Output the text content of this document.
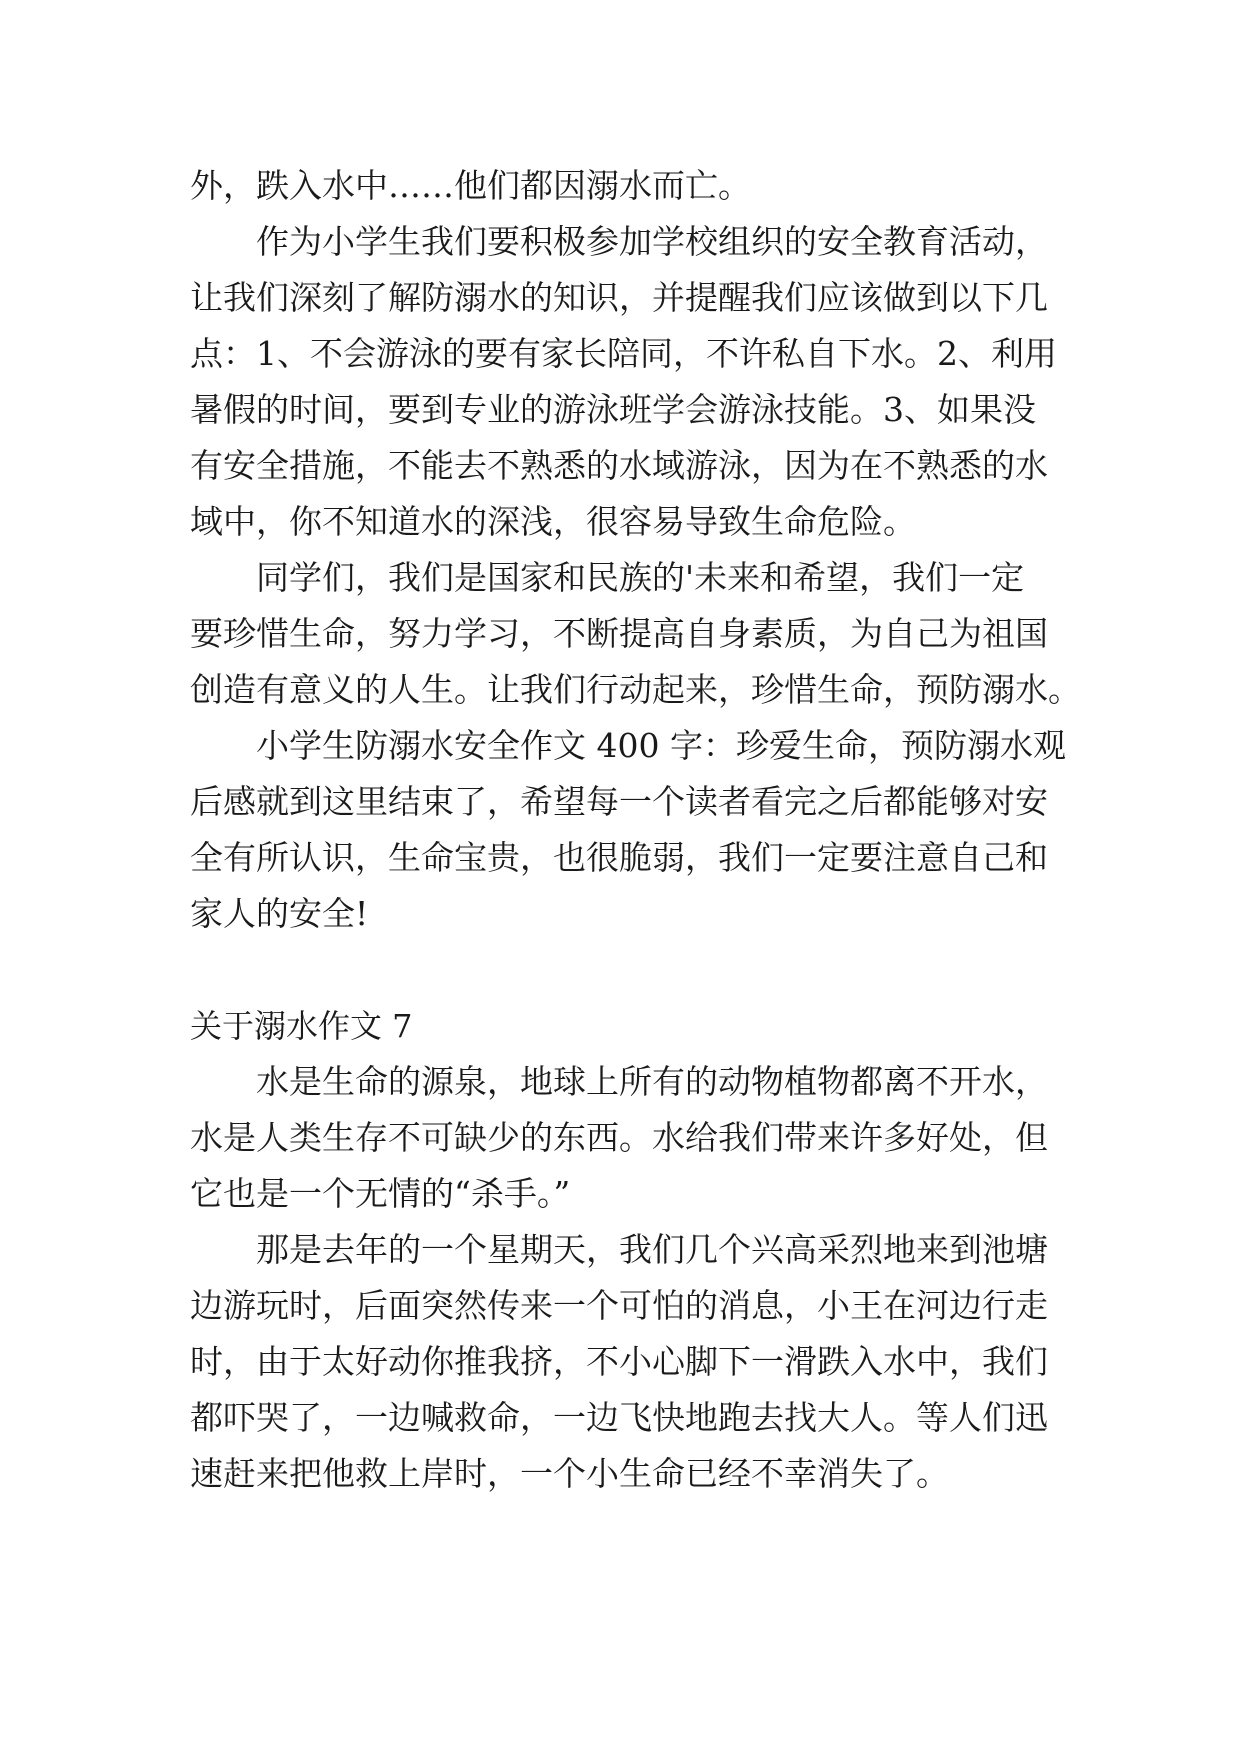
外，跌入水中……他们都因溺水而亡。
作为小学生我们要积极参加学校组织的安全教育活动，
让我们深刻了解防溺水的知识，并提醒我们应该做到以下几
点：1、不会游泳的要有家长陪同，不许私自下水。2、利用
暑假的时间，要到专业的游泳班学会游泳技能。3、如果没
有安全措施，不能去不熟悉的水域游泳，因为在不熟悉的水
域中，你不知道水的深浅，很容易导致生命危险。
同学们，我们是国家和民族的'未来和希望，我们一定
要珍惜生命，努力学习，不断提高自身素质，为自己为祖国
创造有意义的人生。让我们行动起来，珍惜生命，预防溺水。
小学生防溺水安全作文 400 字：珍爱生命，预防溺水观
后感就到这里结束了，希望每一个读者看完之后都能够对安
全有所认识，生命宝贵，也很脆弱，我们一定要注意自己和
家人的安全!
关于溺水作文 7
水是生命的源泉，地球上所有的动物植物都离不开水，
水是人类生存不可缺少的东西。水给我们带来许多好处，但
它也是一个无情的“杀手。”
那是去年的一个星期天，我们几个兴高采烈地来到池塘
边游玩时，后面突然传来一个可怕的消息，小王在河边行走
时，由于太好动你推我挤，不小心脚下一滑跌入水中，我们
都吓哭了，一边喊救命，一边飞快地跑去找大人。等人们迅
速赶来把他救上岸时，一个小生命已经不幸消失了。
